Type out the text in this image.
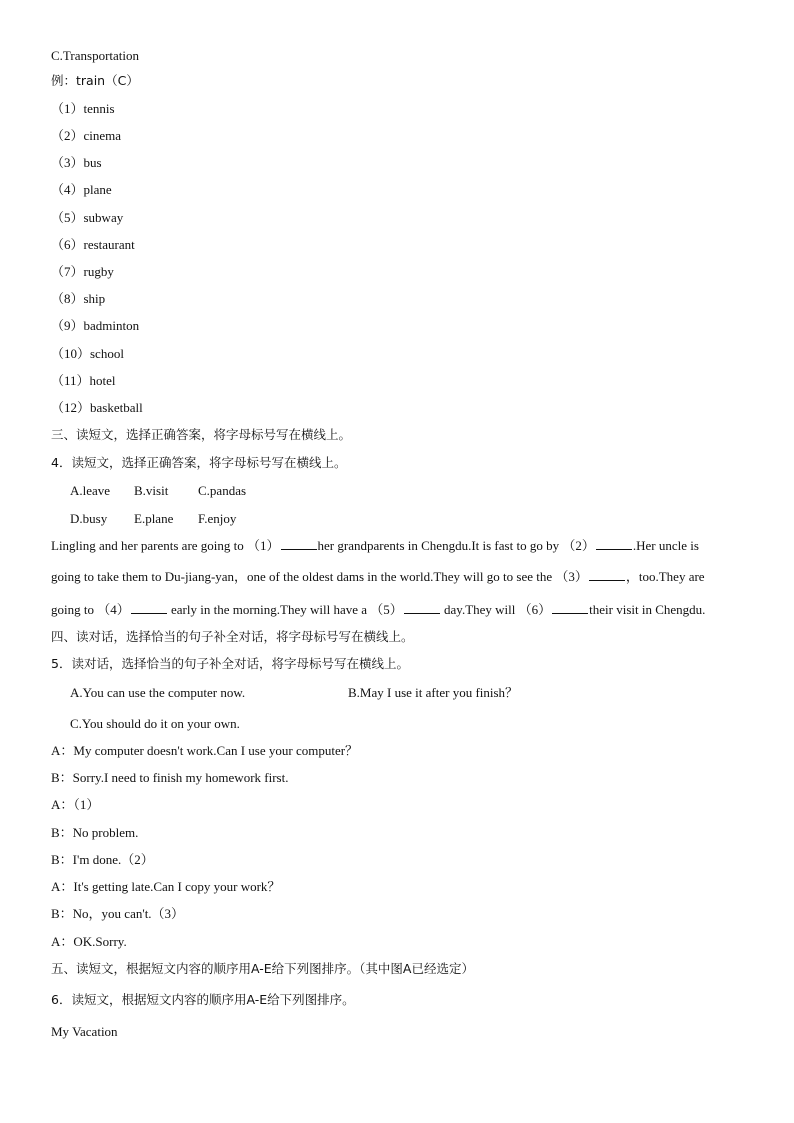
C.Transportation
例：train（C）
（1）tennis
（2）cinema
（3）bus
（4）plane
（5）subway
（6）restaurant
（7）rugby
（8）ship
（9）badminton
（10）school
（11）hotel
（12）basketball
三、读短文，选择正确答案，将字母标号写在横线上。
4．读短文，选择正确答案，将字母标号写在横线上。
A.leave B.visit C.pandas
D.busy E.plane F.enjoy
Lingling and her parents are going to （1）	her grandparents in Chengdu.It is fast to go by （2）	.Her uncle is
going to take them to Du-jiang-yan，one of the oldest dams in the world.They will go to see the （3）	，too.They are
going to （4）	early in the morning.They will have a （5）	day.They will （6）	their visit in Chengdu.
四、读对话，选择恰当的句子补全对话，将字母标号写在横线上。
5．读对话，选择恰当的句子补全对话，将字母标号写在横线上。
A.You can use the computer now.	B.May I use it after you finish？
C.You should do it on your own.
A：My computer doesn't work.Can I use your computer？
B：Sorry.I need to finish my homework first.
A：（1）
B：No problem.
B：I'm done.（2）
A：It's getting late.Can I copy your work？
B：No，you can't.（3）
A：OK.Sorry.
五、读短文，根据短文内容的顺序用A-E给下列图排序。（其中图A已经选定）
6．读短文，根据短文内容的顺序用A-E给下列图排序。
My Vacation
